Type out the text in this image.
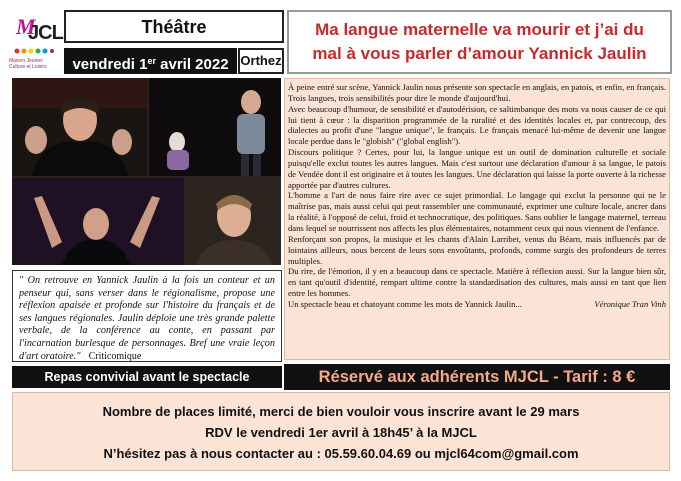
M
JCL
Maison Jeunes
Culture et Loisirs
Théâtre
vendredi 1er avril 2022 Orthez
Ma langue maternelle va mourir et j’ai du
mal à vous parler d’amour Yannick Jaulin
" On retrouve en Yannick Jaulin à la fois un conteur et un penseur qui, sans verser dans le régionalisme, propose une réflexion apaisée et profonde sur l'histoire du français et de ses langues régionales. Jaulin déploie une très grande palette verbale, de la conférence au conte, en passant par l'incarnation burlesque de personnages. Bref une vraie leçon d'art oratoire." Criticomique

À peine entré sur scène, Yannick Jaulin nous présente son spectacle en anglais, en patois, et enfin, en français. Trois langues, trois sensibilités pour dire le monde d'aujourd'hui.

Avec beaucoup d'humour, de sensibilité et d'autodérision, ce saltimbanque des mots va nous causer de ce qui lui tient à cœur : la disparition programmée de la ruralité et des identités locales et, par contrecoup, des dialectes au profit d'une "langue unique", le français. Le français menacé lui-même de devenir une langue locale perdue dans le "globish" ("global english").

Discours politique ? Certes, pour lui, la langue unique est un outil de domination culturelle et sociale puisqu'elle exclut toutes les autres langues. Mais c'est surtout une déclaration d'amour à sa langue, le patois de Vendée dont il est originaire et à toutes les langues. Une déclaration qui laisse la porte ouverte à la richesse apportée par d'autres cultures.

L'homme a l'art de nous faire rire avec ce sujet primordial. Le langage qui exclut la personne qui ne le maîtrise pas, mais aussi celui qui peut rassembler une communauté, exprimer une culture locale, ancrer dans la réalité, à l'opposé de celui, froid et technocratique, des politiques. Sans oublier le langage maternel, terreau dans lequel se nourrissent nos affects les plus élémentaires, notamment ceux qui nous viennent de l'enfance.

Renforçant son propos, la musique et les chants d'Alain Larribet, venus du Béarn, mais influencés par de lointains ailleurs, nous bercent de leurs sons envoûtants, profonds, comme surgis des profondeurs de terres multiples.

Du rire, de l'émotion, il y en a beaucoup dans ce spectacle. Matière à réflexion aussi. Sur la langue bien sûr, en tant qu'outil d'identité, rempart ultime contre la standardisation des cultures, mais aussi en tant que lien entre les hommes.

Un spectacle beau et chatoyant comme les mots de Yannick Jaulin...	Véronique Tran Vinh

Repas convivial avant le spectacle	Réservé aux adhérents MJCL - Tarif : 8 €
Nombre de places limité, merci de bien vouloir vous inscrire avant le 29 mars
RDV le vendredi 1er avril à 18h45’ à la MJCL
N’hésitez pas à nous contacter au : 05.59.60.04.69 ou mjcl64com@gmail.com
